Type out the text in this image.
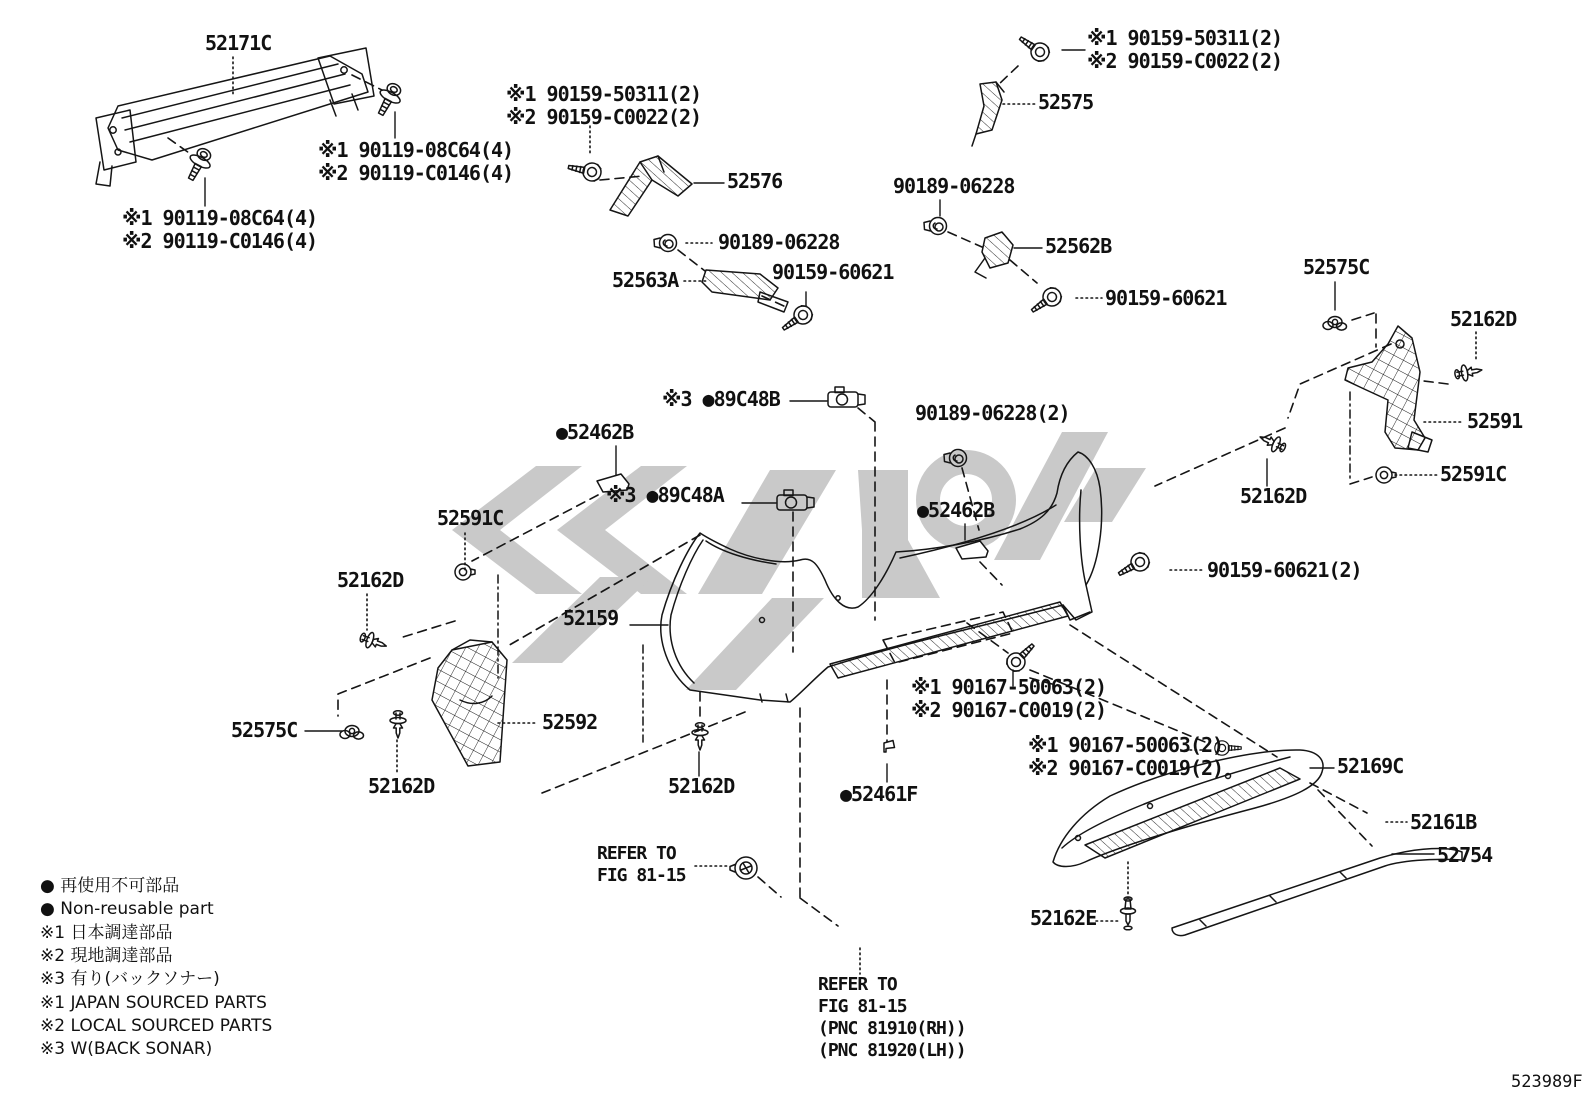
52171C
※1 90159-50311(2)
※2 90159-C0022(2)
※1 90159-50311(2)
※2 90159-C0022(2)
52575
※1 90119-08C64(4)
※2 90119-C0146(4)	52576	90189-06228
※1 90119-08C64(4)
※2 90119-C0146(4)	90189-06228	52562B
52563A	90159-60621
90159-60621
52575C
52162D
※3 ●89C48B
90189-06228(2)	52591
●52462B
52591C
※3 ●89C48A
●52462B
52591C
52162D
52162D	90159-60621(2)
52159
※1 90167-50063(2)
※2 90167-C0019(2)
52575C	52592
※1 90167-50063(2)
※2 90167-C0019(2)	52169C
52162D	52162D	●52461F
52161B
52754
REFER TO
FIG 81-15
52162E
REFER TO
FIG 81-15
(PNC 81910(RH))
(PNC 81920(LH))
● 再使用不可部品
● Non-reusable part
※1 日本調達部品
※2 現地調達部品
※3 有り(バックソナー)
※1 JAPAN SOURCED PARTS
※2 LOCAL SOURCED PARTS
※3 W(BACK SONAR)
523989F
